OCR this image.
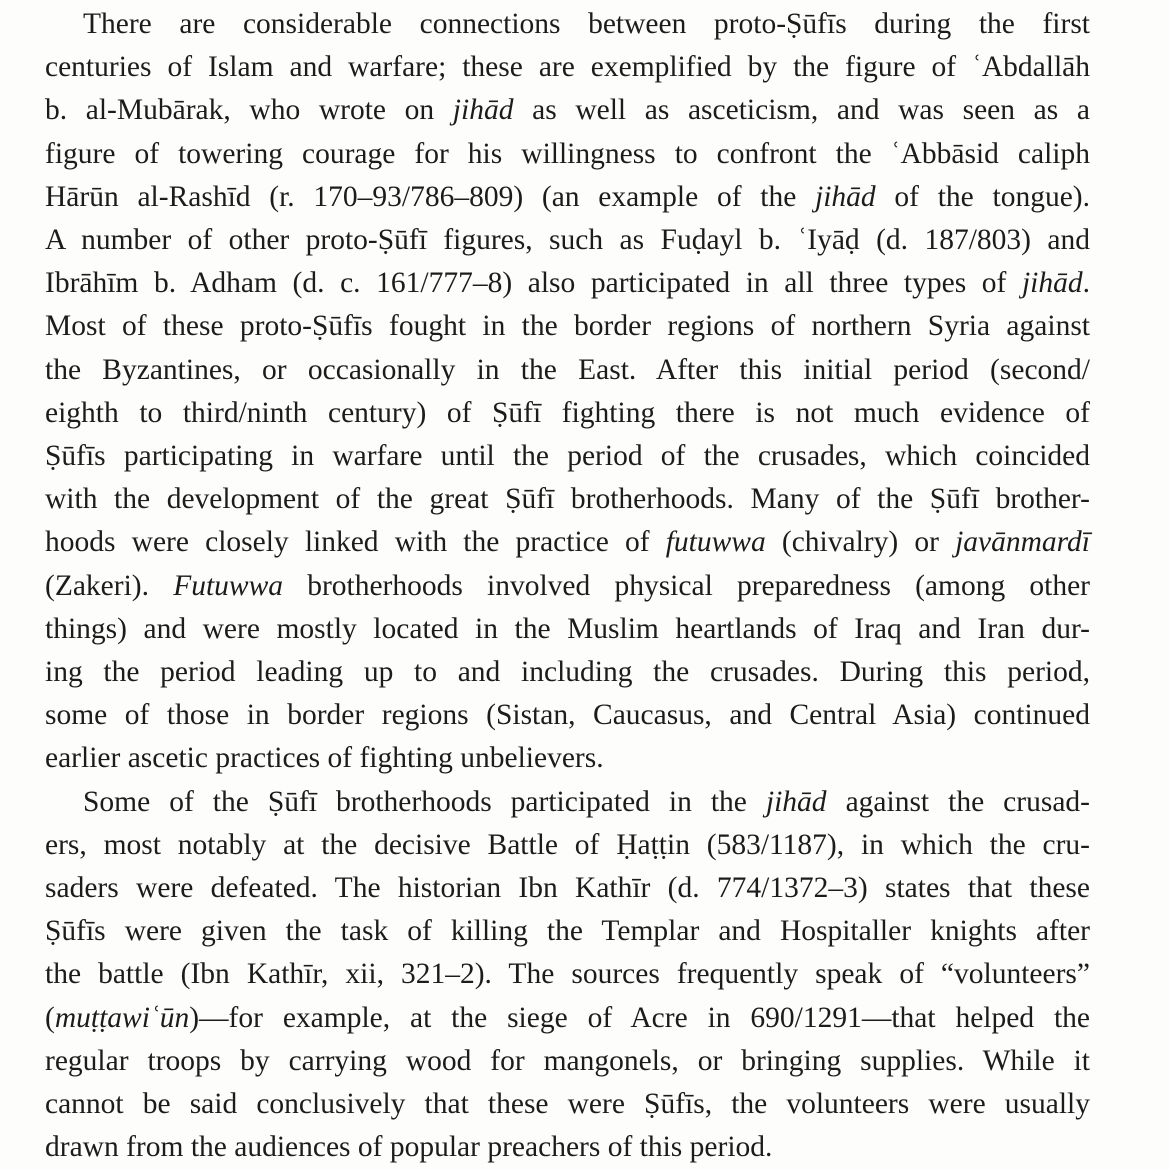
There are considerable connections between proto-Ṣūfīs during the first
centuries of Islam and warfare; these are exemplified by the figure of ʿAbdallāh
b. al-Mubārak, who wrote on jihād as well as asceticism, and was seen as a
figure of towering courage for his willingness to confront the ʿAbbāsid caliph
Hārūn al-Rashīd (r. 170–93/786–809) (an example of the jihād of the tongue).
A number of other proto-Ṣūfī figures, such as Fuḍayl b. ʿIyāḍ (d. 187/803) and
Ibrāhīm b. Adham (d. c. 161/777–8) also participated in all three types of jihād.
Most of these proto-Ṣūfīs fought in the border regions of northern Syria against
the Byzantines, or occasionally in the East. After this initial period (second/
eighth to third/ninth century) of Ṣūfī fighting there is not much evidence of
Ṣūfīs participating in warfare until the period of the crusades, which coincided
with the development of the great Ṣūfī brotherhoods. Many of the Ṣūfī brother-
hoods were closely linked with the practice of futuwwa (chivalry) or javānmardī
(Zakeri). Futuwwa brotherhoods involved physical preparedness (among other
things) and were mostly located in the Muslim heartlands of Iraq and Iran dur-
ing the period leading up to and including the crusades. During this period,
some of those in border regions (Sistan, Caucasus, and Central Asia) continued
earlier ascetic practices of fighting unbelievers.
Some of the Ṣūfī brotherhoods participated in the jihād against the crusad-
ers, most notably at the decisive Battle of Ḥaṭṭin (583/1187), in which the cru-
saders were defeated. The historian Ibn Kathīr (d. 774/1372–3) states that these
Ṣūfīs were given the task of killing the Templar and Hospitaller knights after
the battle (Ibn Kathīr, xii, 321–2). The sources frequently speak of “volunteers”
(muṭṭawiʿūn)—for example, at the siege of Acre in 690/1291—that helped the
regular troops by carrying wood for mangonels, or bringing supplies. While it
cannot be said conclusively that these were Ṣūfīs, the volunteers were usually
drawn from the audiences of popular preachers of this period.
